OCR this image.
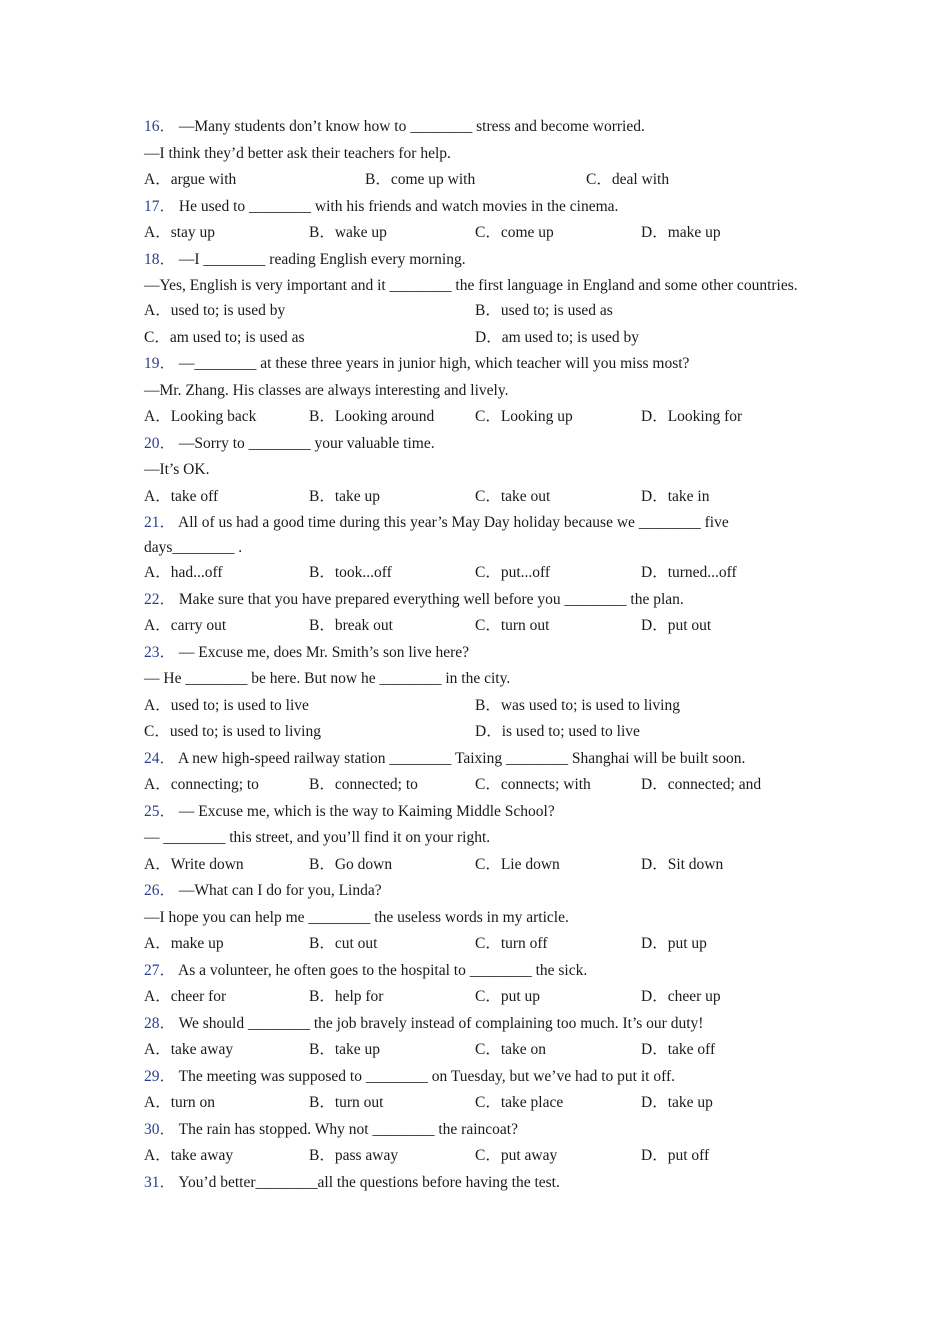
16． —Many students don’t know how to ________ stress and become worried.
—I think they’d better ask their teachers for help.
A．argue with	B．come up with	C．deal with
17． He used to ________ with his friends and watch movies in the cinema.
A．stay up	B．wake up	C．come up	D．make up
18． —I ________ reading English every morning.
—Yes, English is very important and it ________ the first language in England and some other countries.
A．used to; is used by	B．used to; is used as
C．am used to; is used as	D．am used to; is used by
19． —________ at these three years in junior high, which teacher will you miss most?
—Mr. Zhang. His classes are always interesting and lively.
A．Looking back	B．Looking around	C．Looking up	D．Looking for
20． —Sorry to ________ your valuable time.
—It’s OK.
A．take off	B．take up	C．take out	D．take in
21． All of us had a good time during this year’s May Day holiday because we ________ five days________ .
A．had...off	B．took...off	C．put...off	D．turned...off
22． Make sure that you have prepared everything well before you ________ the plan.
A．carry out	B．break out	C．turn out	D．put out
23． — Excuse me, does Mr. Smith’s son live here?
— He ________ be here. But now he ________ in the city.
A．used to; is used to live	B．was used to; is used to living
C．used to; is used to living	D．is used to; used to live
24． A new high-speed railway station ________ Taixing ________ Shanghai will be built soon.
A．connecting; to	B．connected; to	C．connects; with	D．connected; and
25． — Excuse me, which is the way to Kaiming Middle School?
— ________ this street, and you’ll find it on your right.
A．Write down	B．Go down	C．Lie down	D．Sit down
26． —What can I do for you, Linda?
—I hope you can help me ________ the useless words in my article.
A．make up	B．cut out	C．turn off	D．put up
27． As a volunteer, he often goes to the hospital to ________ the sick.
A．cheer for	B．help for	C．put up	D．cheer up
28． We should ________ the job bravely instead of complaining too much. It’s our duty!
A．take away	B．take up	C．take on	D．take off
29． The meeting was supposed to ________ on Tuesday, but we’ve had to put it off.
A．turn on	B．turn out	C．take place	D．take up
30． The rain has stopped. Why not ________ the raincoat?
A．take away	B．pass away	C．put away	D．put off
31． You’d better________all the questions before having the test.
